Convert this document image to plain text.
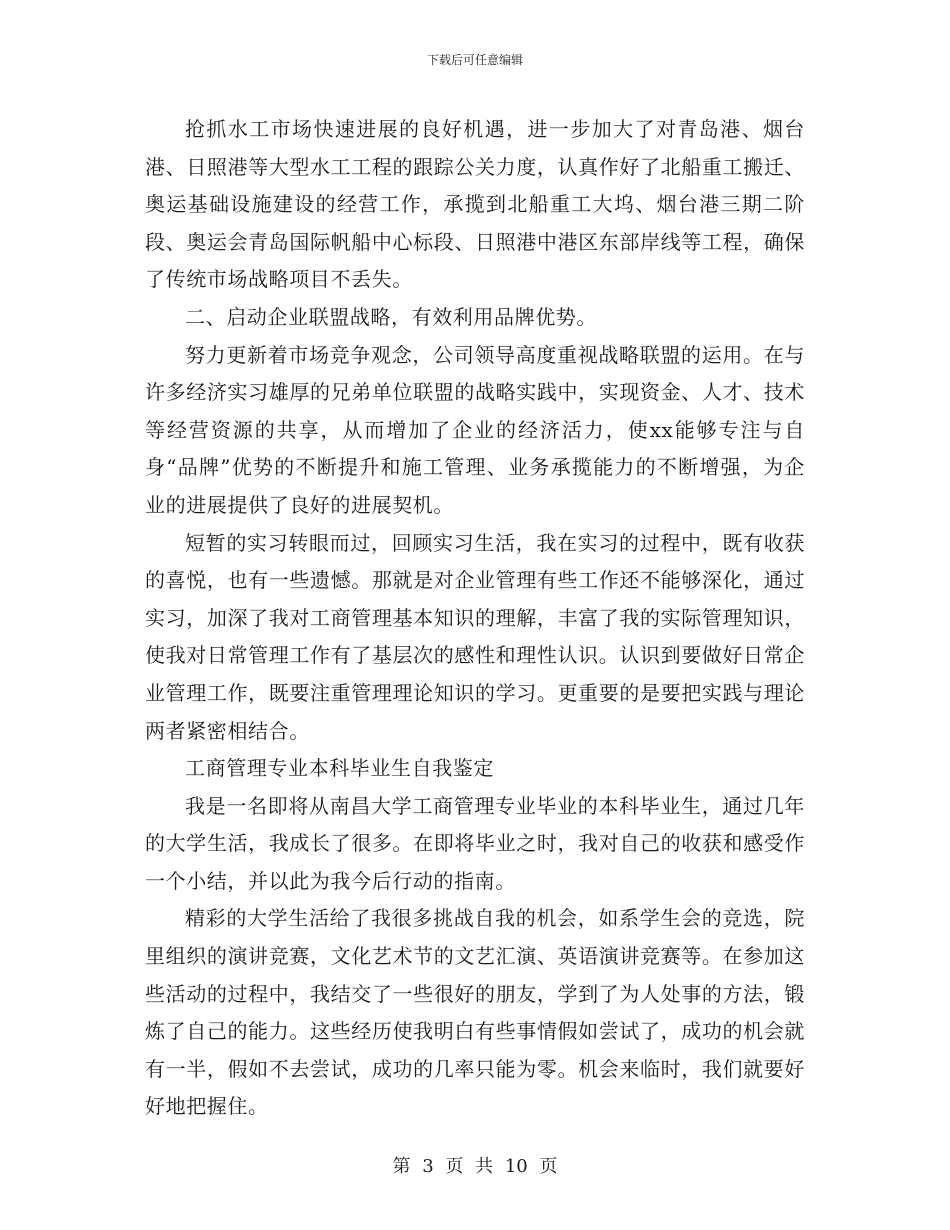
下载后可任意编辑

抢抓水工市场快速进展的良好机遇，进一步加大了对青岛港、烟台港、日照港等大型水工工程的跟踪公关力度，认真作好了北船重工搬迁、奥运基础设施建设的经营工作，承揽到北船重工大坞、烟台港三期二阶段、奥运会青岛国际帆船中心标段、日照港中港区东部岸线等工程，确保了传统市场战略项目不丢失。

二、启动企业联盟战略，有效利用品牌优势。

努力更新着市场竞争观念，公司领导高度重视战略联盟的运用。在与许多经济实习雄厚的兄弟单位联盟的战略实践中，实现资金、人才、技术等经营资源的共享，从而增加了企业的经济活力，使xx能够专注与自身“品牌”优势的不断提升和施工管理、业务承揽能力的不断增强，为企业的进展提供了良好的进展契机。

短暂的实习转眼而过，回顾实习生活，我在实习的过程中，既有收获的喜悦，也有一些遗憾。那就是对企业管理有些工作还不能够深化，通过实习，加深了我对工商管理基本知识的理解，丰富了我的实际管理知识，使我对日常管理工作有了基层次的感性和理性认识。认识到要做好日常企业管理工作，既要注重管理理论知识的学习。更重要的是要把实践与理论两者紧密相结合。

工商管理专业本科毕业生自我鉴定

我是一名即将从南昌大学工商管理专业毕业的本科毕业生，通过几年的大学生活，我成长了很多。在即将毕业之时，我对自己的收获和感受作一个小结，并以此为我今后行动的指南。

精彩的大学生活给了我很多挑战自我的机会，如系学生会的竞选，院里组织的演讲竞赛，文化艺术节的文艺汇演、英语演讲竞赛等。在参加这些活动的过程中，我结交了一些很好的朋友，学到了为人处事的方法，锻炼了自己的能力。这些经历使我明白有些事情假如尝试了，成功的机会就有一半，假如不去尝试，成功的几率只能为零。机会来临时，我们就要好好地把握住。

第 3 页 共 10 页
